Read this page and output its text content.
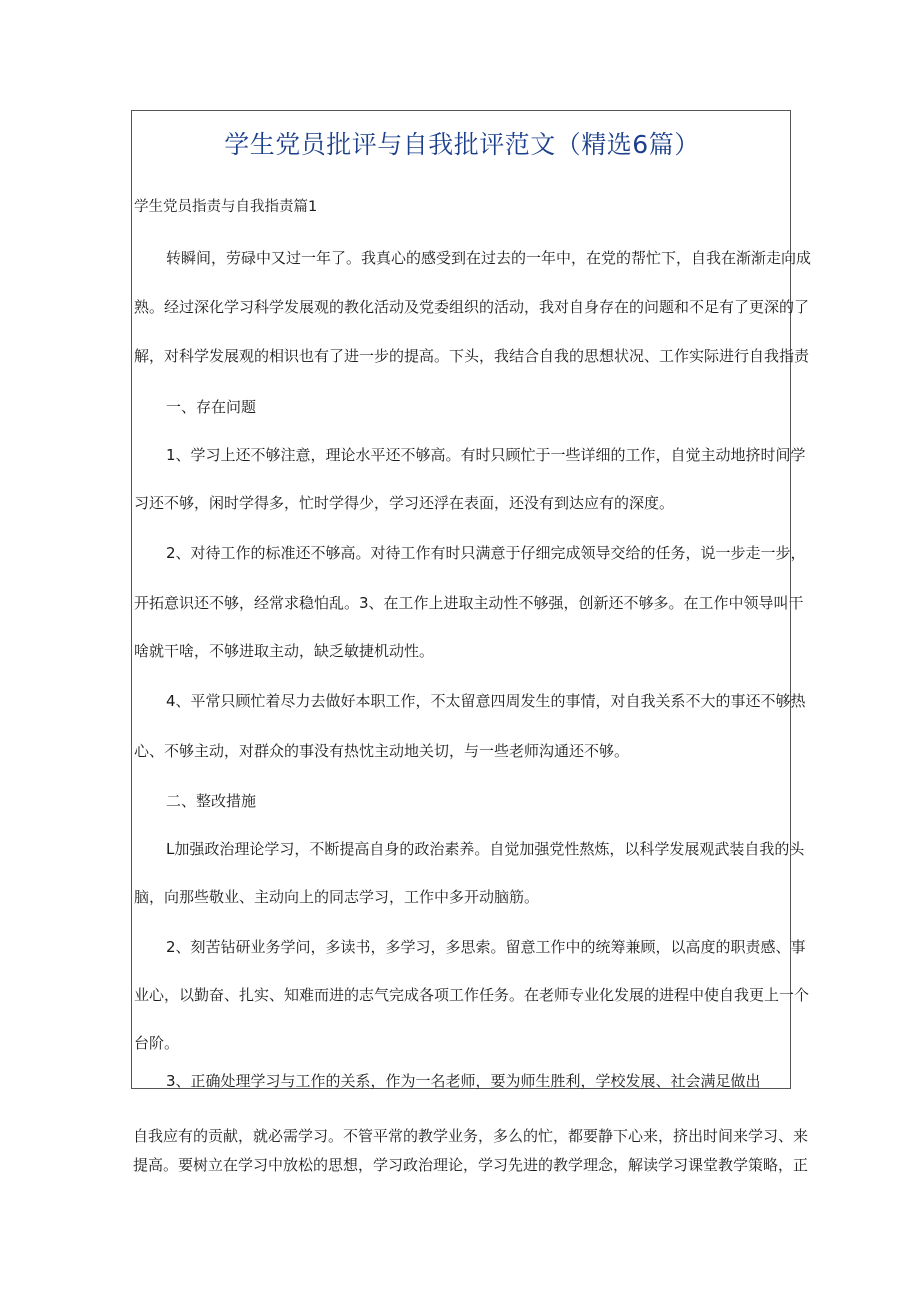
学生党员批评与自我批评范文（精选6篇）
学生党员指责与自我指责篇1
转瞬间，劳碌中又过一年了。我真心的感受到在过去的一年中，在党的帮忙下，自我在渐渐走向成
熟。经过深化学习科学发展观的教化活动及党委组织的活动，我对自身存在的问题和不足有了更深的了
解，对科学发展观的相识也有了进一步的提高。下头，我结合自我的思想状况、工作实际进行自我指责
一、存在问题
1、学习上还不够注意，理论水平还不够高。有时只顾忙于一些详细的工作，自觉主动地挤时间学
习还不够，闲时学得多，忙时学得少，学习还浮在表面，还没有到达应有的深度。
2、对待工作的标准还不够高。对待工作有时只满意于仔细完成领导交给的任务，说一步走一步，
开拓意识还不够，经常求稳怕乱。3、在工作上进取主动性不够强，创新还不够多。在工作中领导叫干
啥就干啥，不够进取主动，缺乏敏捷机动性。
4、平常只顾忙着尽力去做好本职工作，不太留意四周发生的事情，对自我关系不大的事还不够热
心、不够主动，对群众的事没有热忱主动地关切，与一些老师沟通还不够。
二、整改措施
L加强政治理论学习，不断提高自身的政治素养。自觉加强党性熬炼，以科学发展观武装自我的头
脑，向那些敬业、主动向上的同志学习，工作中多开动脑筋。
2、刻苦钻研业务学问，多读书，多学习，多思索。留意工作中的统筹兼顾，以高度的职责感、事
业心，以勤奋、扎实、知难而进的志气完成各项工作任务。在老师专业化发展的进程中使自我更上一个
台阶。
3、正确处理学习与工作的关系，作为一名老师，要为师生胜利，学校发展、社会满足做出
自我应有的贡献，就必需学习。不管平常的教学业务，多么的忙，都要静下心来，挤出时间来学习、来
提高。要树立在学习中放松的思想，学习政治理论，学习先进的教学理念，解读学习课堂教学策略，正
